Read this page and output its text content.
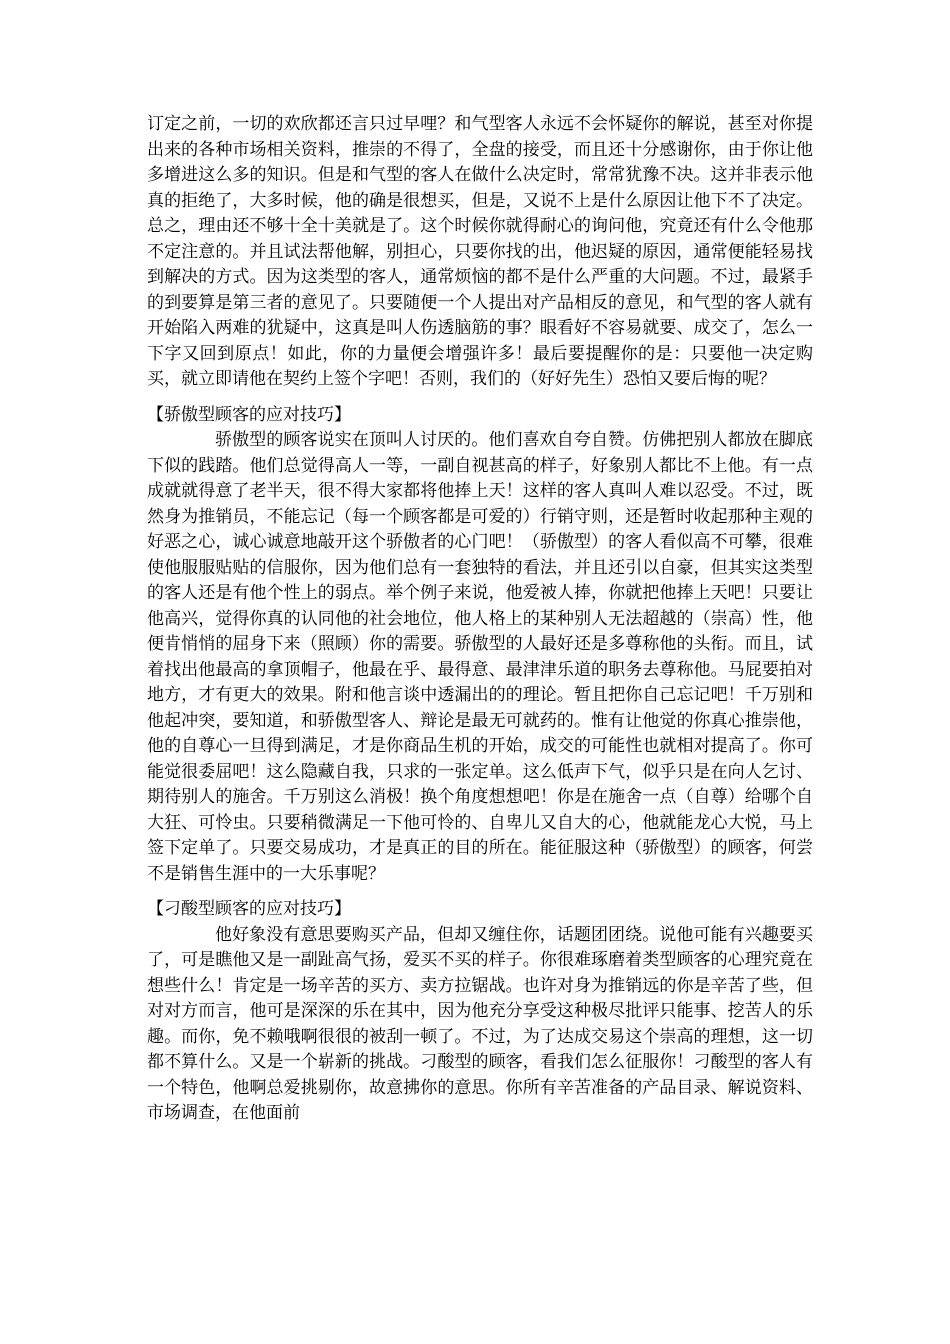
订定之前，一切的欢欣都还言只过早哩？和气型客人永远不会怀疑你的解说，甚至对你提出来的各种市场相关资料，推崇的不得了，全盘的接受，而且还十分感谢你，由于你让他多增进这么多的知识。但是和气型的客人在做什么决定时，常常犹豫不决。这并非表示他真的拒绝了，大多时候，他的确是很想买，但是，又说不上是什么原因让他下不了决定。总之，理由还不够十全十美就是了。这个时候你就得耐心的询问他，究竟还有什么令他那不定注意的。并且试法帮他解，别担心，只要你找的出，他迟疑的原因，通常便能轻易找到解决的方式。因为这类型的客人，通常烦恼的都不是什么严重的大问题。不过，最紧手的到要算是第三者的意见了。只要随便一个人提出对产品相反的意见，和气型的客人就有开始陷入两难的犹疑中，这真是叫人伤透脑筋的事？眼看好不容易就要、成交了，怎么一下字又回到原点！如此，你的力量便会增强许多！最后要提醒你的是：只要他一决定购买，就立即请他在契约上签个字吧！否则，我们的（好好先生）恐怕又要后悔的呢？

【骄傲型顾客的应对技巧】

骄傲型的顾客说实在顶叫人讨厌的。他们喜欢自夸自赞。仿佛把别人都放在脚底下似的践踏。他们总觉得高人一等，一副自视甚高的样子，好象别人都比不上他。有一点成就就得意了老半天，很不得大家都将他捧上天！这样的客人真叫人难以忍受。不过，既然身为推销员，不能忘记（每一个顾客都是可爱的）行销守则，还是暂时收起那种主观的好恶之心，诚心诚意地敲开这个骄傲者的心门吧！（骄傲型）的客人看似高不可攀，很难使他服服贴贴的信服你，因为他们总有一套独特的看法，并且还引以自豪，但其实这类型的客人还是有他个性上的弱点。举个例子来说，他爱被人捧，你就把他捧上天吧！只要让他高兴，觉得你真的认同他的社会地位，他人格上的某种别人无法超越的（崇高）性，他便肯悄悄的屈身下来（照顾）你的需要。骄傲型的人最好还是多尊称他的头衔。而且，试着找出他最高的拿顶帽子，他最在乎、最得意、最津津乐道的职务去尊称他。马屁要拍对地方，才有更大的效果。附和他言谈中透漏出的的理论。暂且把你自己忘记吧！千万别和他起冲突，要知道，和骄傲型客人、辩论是最无可就药的。惟有让他觉的你真心推崇他，他的自尊心一旦得到满足，才是你商品生机的开始，成交的可能性也就相对提高了。你可能觉很委屈吧！这么隐藏自我，只求的一张定单。这么低声下气，似乎只是在向人乞讨、期待别人的施舍。千万别这么消极！换个角度想想吧！你是在施舍一点（自尊）给哪个自大狂、可怜虫。只要稍微满足一下他可怜的、自卑儿又自大的心，他就能龙心大悦，马上签下定单了。只要交易成功，才是真正的目的所在。能征服这种（骄傲型）的顾客，何尝不是销售生涯中的一大乐事呢？

【刁酸型顾客的应对技巧】

他好象没有意思要购买产品，但却又缠住你，话题团团绕。说他可能有兴趣要买了，可是瞧他又是一副趾高气扬，爱买不买的样子。你很难琢磨着类型顾客的心理究竟在想些什么！肯定是一场辛苦的买方、卖方拉锯战。也许对身为推销远的你是辛苦了些，但对对方而言，他可是深深的乐在其中，因为他充分享受这种极尽批评只能事、挖苦人的乐趣。而你，免不赖哦啊很很的被刮一顿了。不过，为了达成交易这个崇高的理想，这一切都不算什么。又是一个崭新的挑战。刁酸型的顾客，看我们怎么征服你！刁酸型的客人有一个特色，他啊总爱挑剔你，故意拂你的意思。你所有辛苦准备的产品目录、解说资料、市场调查，在他面前
